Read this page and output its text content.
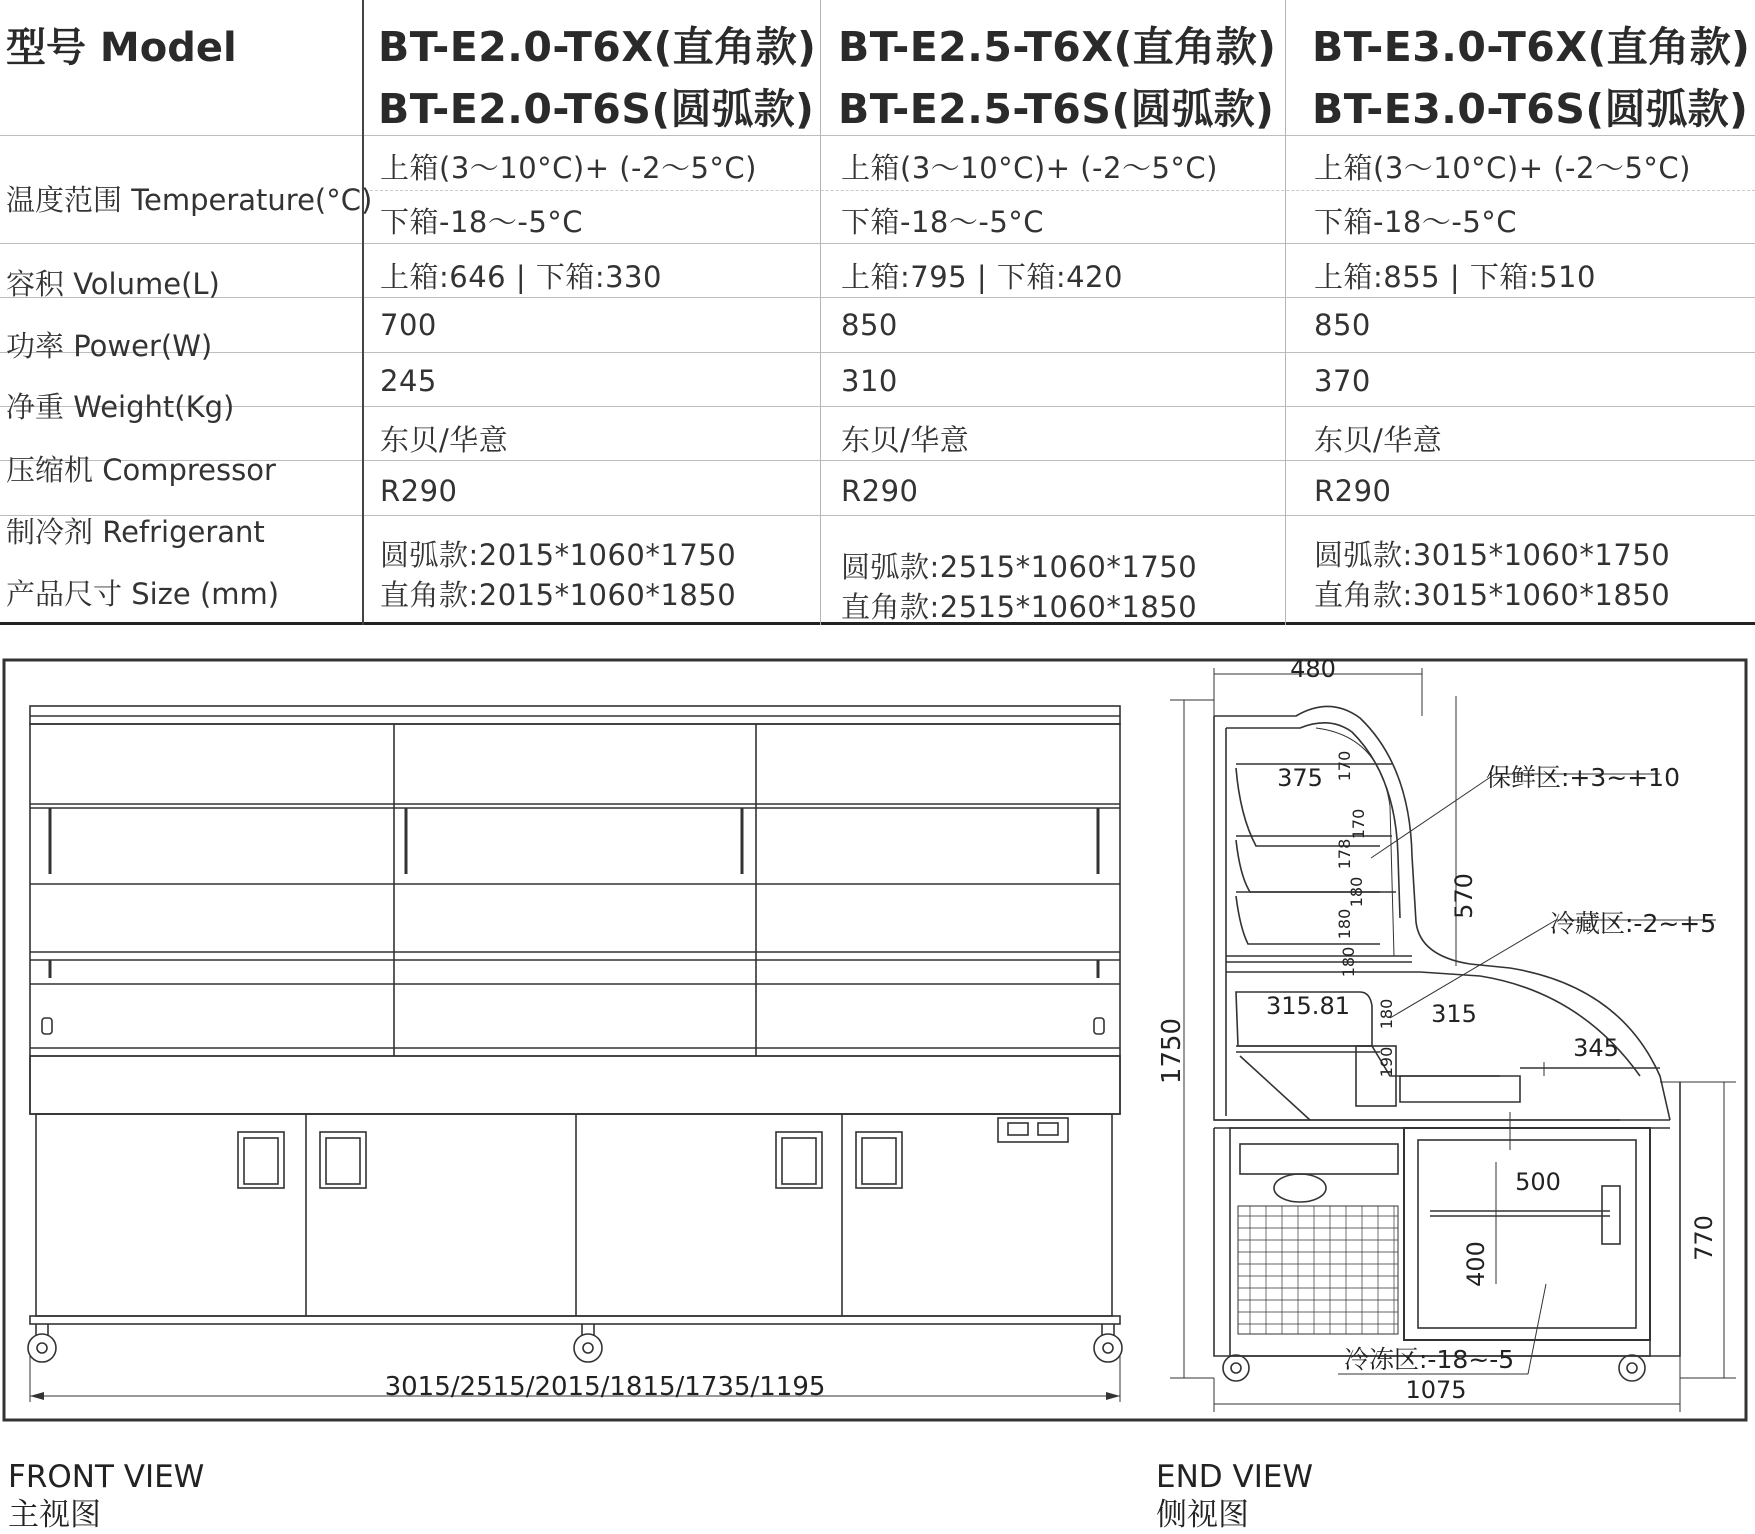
型号 Model	BT-E2.0-T6X(直角款)
BT-E2.0-T6S(圆弧款)
BT-E2.5-T6X(直角款)
BT-E2.5-T6S(圆弧款)
BT-E3.0-T6X(直角款)
BT-E3.0-T6S(圆弧款)
温度范围 Temperature(°C)
容积 Volume(L)
功率 Power(W)
净重 Weight(Kg)
压缩机 Compressor
制冷剂 Refrigerant
产品尺寸 Size (mm)
上箱(3〜10°C)+ (-2〜5°C)
下箱-18〜-5°C
上箱:646 | 下箱:330
700
245
东贝/华意
R290
圆弧款:2015*1060*1750
直角款:2015*1060*1850
上箱(3〜10°C)+ (-2〜5°C)
下箱-18〜-5°C
上箱:795 | 下箱:420
850
310
东贝/华意
R290
圆弧款:2515*1060*1750
直角款:2515*1060*1850
上箱(3〜10°C)+ (-2〜5°C)
下箱-18〜-5°C
上箱:855 | 下箱:510
850
370
东贝/华意
R290
圆弧款:3015*1060*1750
直角款:3015*1060*1850
3015/2515/2015/1815/1735/1195
480
1750
1075
770
570
375 170
170
178
180
180
180
180
190
315.81	315
345
500
400
保鲜区:+3~+10
冷藏区:-2~+5
冷冻区:-18~-5
FRONT VIEW
主视图
END VIEW
侧视图
